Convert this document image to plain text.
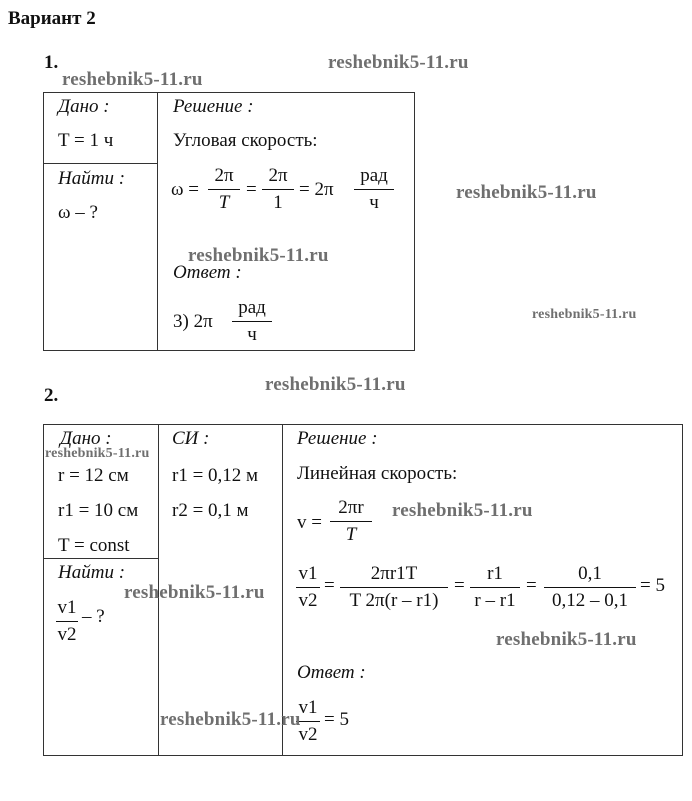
Вариант 2
1.	reshebnik5-11.ru
reshebnik5-11.ru
Дано :
T = 1 ч
Найти :
ω – ?
Решение :
Угловая скорость:
ω =
2π
T
=
2π
1
= 2π
рад
ч	reshebnik5-11.ru
reshebnik5-11.ru
Ответ :
3) 2π
рад
ч
reshebnik5-11.ru
2.
reshebnik5-11.ru
Дано :
reshebnik5-11.ru
r = 12 см
r1 = 10 см
T = const
Найти :
v1
v2
– ?
СИ :
r1 = 0,12 м
r2 = 0,1 м
Решение :
Линейная скорость:
v =
2πr
T
reshebnik5-11.ru
v1
v2
=
2πr1T
T 2π(r – r1)
=
r1
r – r1
=
0,1
0,12 – 0,1
= 5
reshebnik5-11.ru
reshebnik5-11.ru
Ответ :
v1
v2
= 5
reshebnik5-11.ru
